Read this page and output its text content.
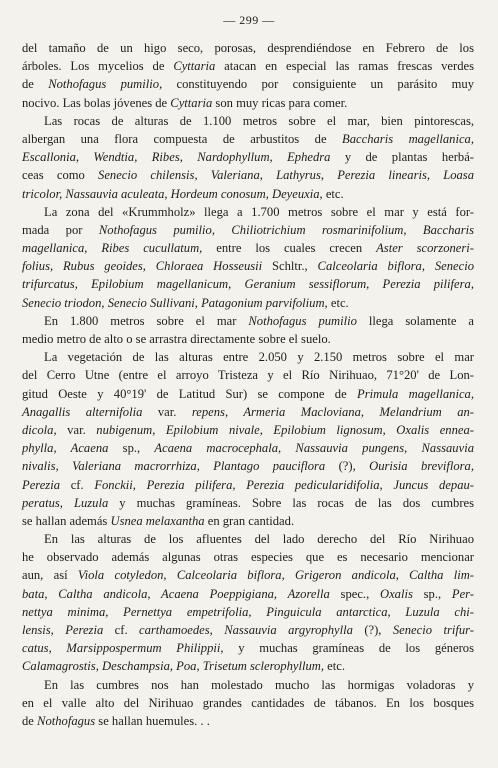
— 299 —
del tamaño de un higo seco, porosas, desprendiéndose en Febrero de los
árboles. Los mycelios de Cyttaria atacan en especial las ramas frescas verdes
de Nothofagus pumilio, constituyendo por consiguiente un parásito muy
nocivo. Las bolas jóvenes de Cyttaria son muy ricas para comer.
Las rocas de alturas de 1.100 metros sobre el mar, bien pintorescas,
albergan una flora compuesta de arbustitos de Baccharis magellanica,
Escallonia, Wendtia, Ribes, Nardophyllum, Ephedra y de plantas herbá-
ceas como Senecio chilensis, Valeriana, Lathyrus, Perezia linearis, Loasa
tricolor, Nassauvia aculeata, Hordeum conosum, Deyeuxia, etc.
La zona del «Krummholz» llega a 1.700 metros sobre el mar y está for-
mada por Nothofagus pumilio, Chiliotrichium rosmarinifolium, Baccharis
magellanica, Ribes cucullatum, entre los cuales crecen Aster scorzoneri-
folius, Rubus geoides, Chloraea Hosseusii Schltr., Calceolaria biflora, Senecio
trifurcatus, Epilobium magellanicum, Geranium sessiflorum, Perezia pilifera,
Senecio triodon, Senecio Sullivani, Patagonium parvifolium, etc.
En 1.800 metros sobre el mar Nothofagus pumilio llega solamente a
medio metro de alto o se arrastra directamente sobre el suelo.
La vegetación de las alturas entre 2.050 y 2.150 metros sobre el mar
del Cerro Utne (entre el arroyo Tristeza y el Río Nirihuao, 71°20' de Lon-
gitud Oeste y 40°19' de Latitud Sur) se compone de Primula magellanica,
Anagallis alternifolia var. repens, Armeria Macloviana, Melandrium an-
dicola, var. nubigenum, Epilobium nivale, Epilobium lignosum, Oxalis ennea-
phylla, Acaena sp., Acaena macrocephala, Nassauvia pungens, Nassauvia
nivalis, Valeriana macrorrhiza, Plantago pauciflora (?), Ourisia breviflora,
Perezia cf. Fonckii, Perezia pilifera, Perezia pedicularidifolia, Juncus depau-
peratus, Luzula y muchas gramíneas. Sobre las rocas de las dos cumbres
se hallan además Usnea melaxantha en gran cantidad.
En las alturas de los afluentes del lado derecho del Río Nirihuao
he observado además algunas otras especies que es necesario mencionar
aun, así Viola cotyledon, Calceolaria biflora, Grigeron andicola, Caltha lim-
bata, Caltha andicola, Acaena Poeppigiana, Azorella spec., Oxalis sp., Per-
nettya minima, Pernettya empetrifolia, Pinguicula antarctica, Luzula chi-
lensis, Perezia cf. carthamoedes, Nassauvia argyrophylla (?), Senecio trifur-
catus, Marsippospermum Philippii, y muchas gramíneas de los géneros
Calamagrostis, Deschampsia, Poa, Trisetum sclerophyllum, etc.
En las cumbres nos han molestado mucho las hormigas voladoras y
en el valle alto del Nirihuao grandes cantidades de tábanos. En los bosques
de Nothofagus se hallan huemules. . .
